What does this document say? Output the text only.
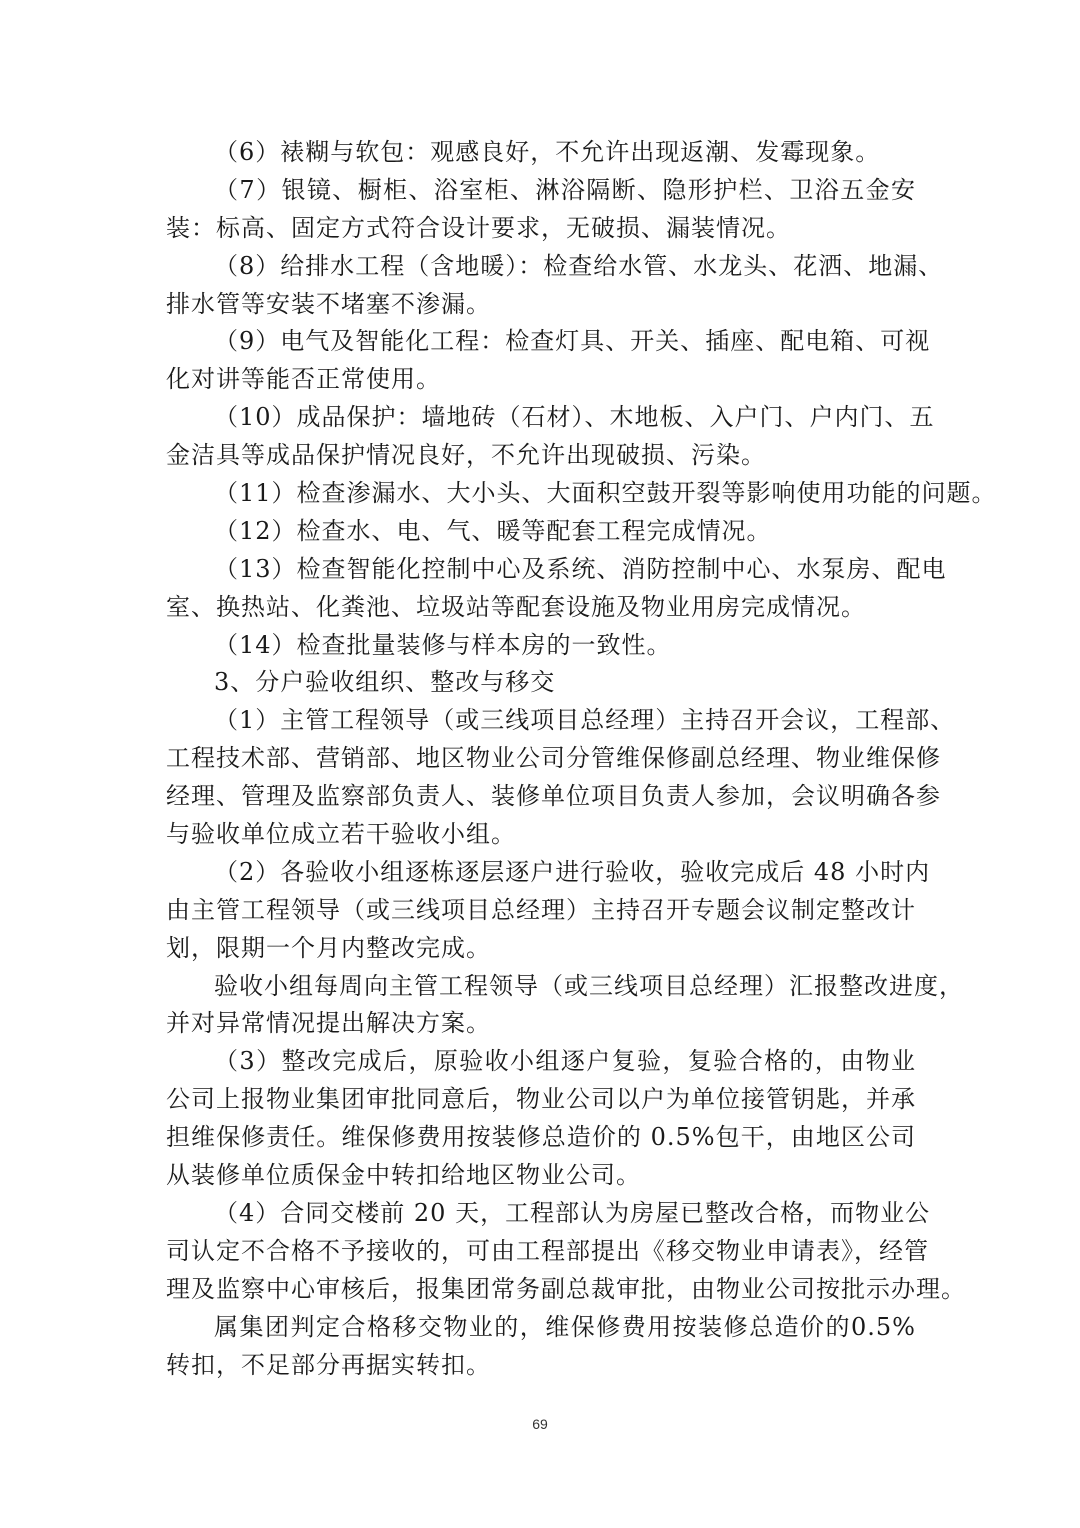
（6）裱糊与软包：观感良好，不允许出现返潮、发霉现象。
（7）银镜、橱柜、浴室柜、淋浴隔断、隐形护栏、卫浴五金安
装：标高、固定方式符合设计要求，无破损、漏装情况。
（8）给排水工程（含地暖）：检查给水管、水龙头、花洒、地漏、
排水管等安装不堵塞不渗漏。
（9）电气及智能化工程：检查灯具、开关、插座、配电箱、可视
化对讲等能否正常使用。
（10）成品保护：墙地砖（石材）、木地板、入户门、户内门、五
金洁具等成品保护情况良好，不允许出现破损、污染。
（11）检查渗漏水、大小头、大面积空鼓开裂等影响使用功能的问题。
（12）检查水、电、气、暖等配套工程完成情况。
（13）检查智能化控制中心及系统、消防控制中心、水泵房、配电
室、换热站、化粪池、垃圾站等配套设施及物业用房完成情况。
（14）检查批量装修与样本房的一致性。
3、分户验收组织、整改与移交
（1）主管工程领导（或三线项目总经理）主持召开会议，工程部、
工程技术部、营销部、地区物业公司分管维保修副总经理、物业维保修
经理、管理及监察部负责人、装修单位项目负责人参加，会议明确各参
与验收单位成立若干验收小组。
（2）各验收小组逐栋逐层逐户进行验收，验收完成后 48 小时内
由主管工程领导（或三线项目总经理）主持召开专题会议制定整改计
划，限期一个月内整改完成。
验收小组每周向主管工程领导（或三线项目总经理）汇报整改进度，
并对异常情况提出解决方案。
（3）整改完成后，原验收小组逐户复验，复验合格的，由物业
公司上报物业集团审批同意后，物业公司以户为单位接管钥匙，并承
担维保修责任。维保修费用按装修总造价的 0.5%包干，由地区公司
从装修单位质保金中转扣给地区物业公司。
（4）合同交楼前 20 天，工程部认为房屋已整改合格，而物业公
司认定不合格不予接收的，可由工程部提出《移交物业申请表》，经管
理及监察中心审核后，报集团常务副总裁审批，由物业公司按批示办理。
属集团判定合格移交物业的，维保修费用按装修总造价的0.5%
转扣，不足部分再据实转扣。
69
